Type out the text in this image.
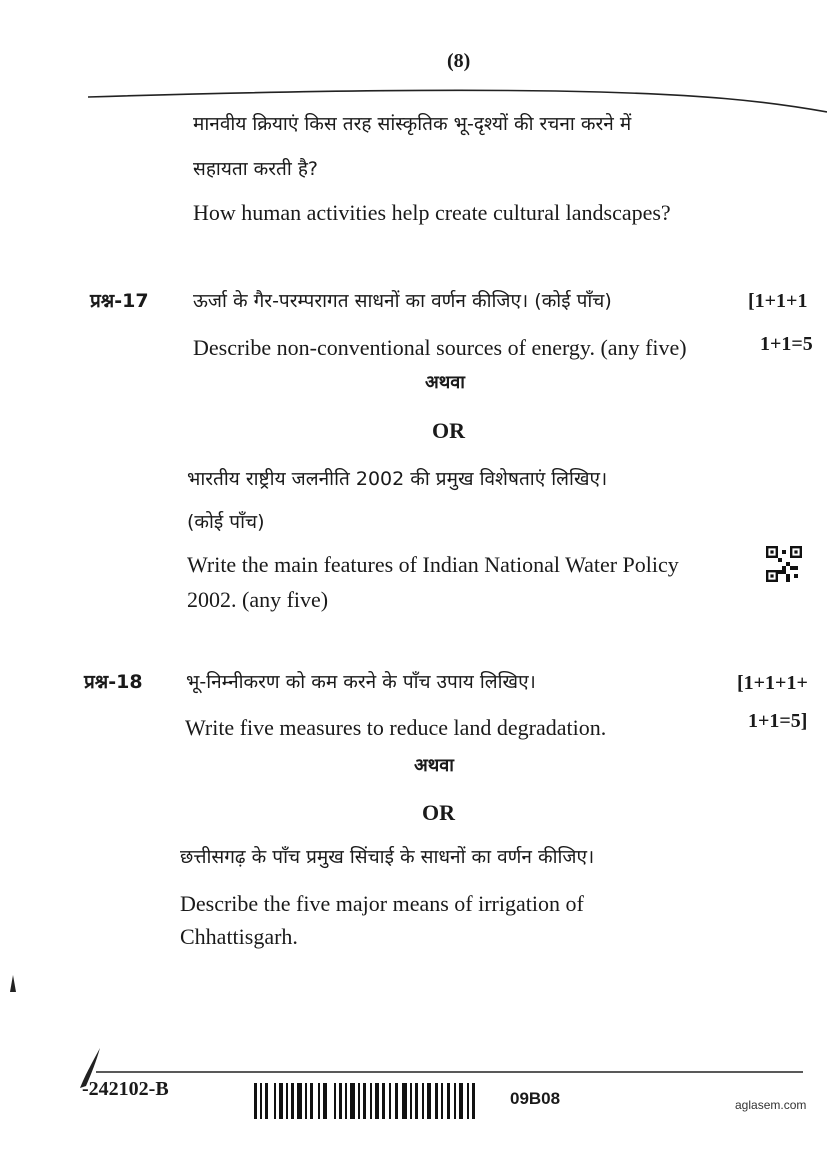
(8)
मानवीय क्रियाएं किस तरह सांस्कृतिक भू-दृश्यों की रचना करने में
सहायता करती है?
How human activities help create cultural landscapes?
प्रश्न-17 ऊर्जा के गैर-परम्परागत साधनों का वर्णन कीजिए। (कोई पाँच)	[1+1+1
Describe non-conventional sources of energy. (any five)	1+1=5
अथवा
OR
भारतीय राष्ट्रीय जलनीति 2002 की प्रमुख विशेषताएं लिखिए।
(कोई पाँच)
Write the main features of Indian National Water Policy
2002. (any five)
प्रश्न-18 भू-निम्नीकरण को कम करने के पाँच उपाय लिखिए।	[1+1+1+
Write five measures to reduce land degradation.	1+1=5]
अथवा
OR
छत्तीसगढ़ के पाँच प्रमुख सिंचाई के साधनों का वर्णन कीजिए।
Describe the five major means of irrigation of
Chhattisgarh.
-242102-B	09B08	aglasem.com
